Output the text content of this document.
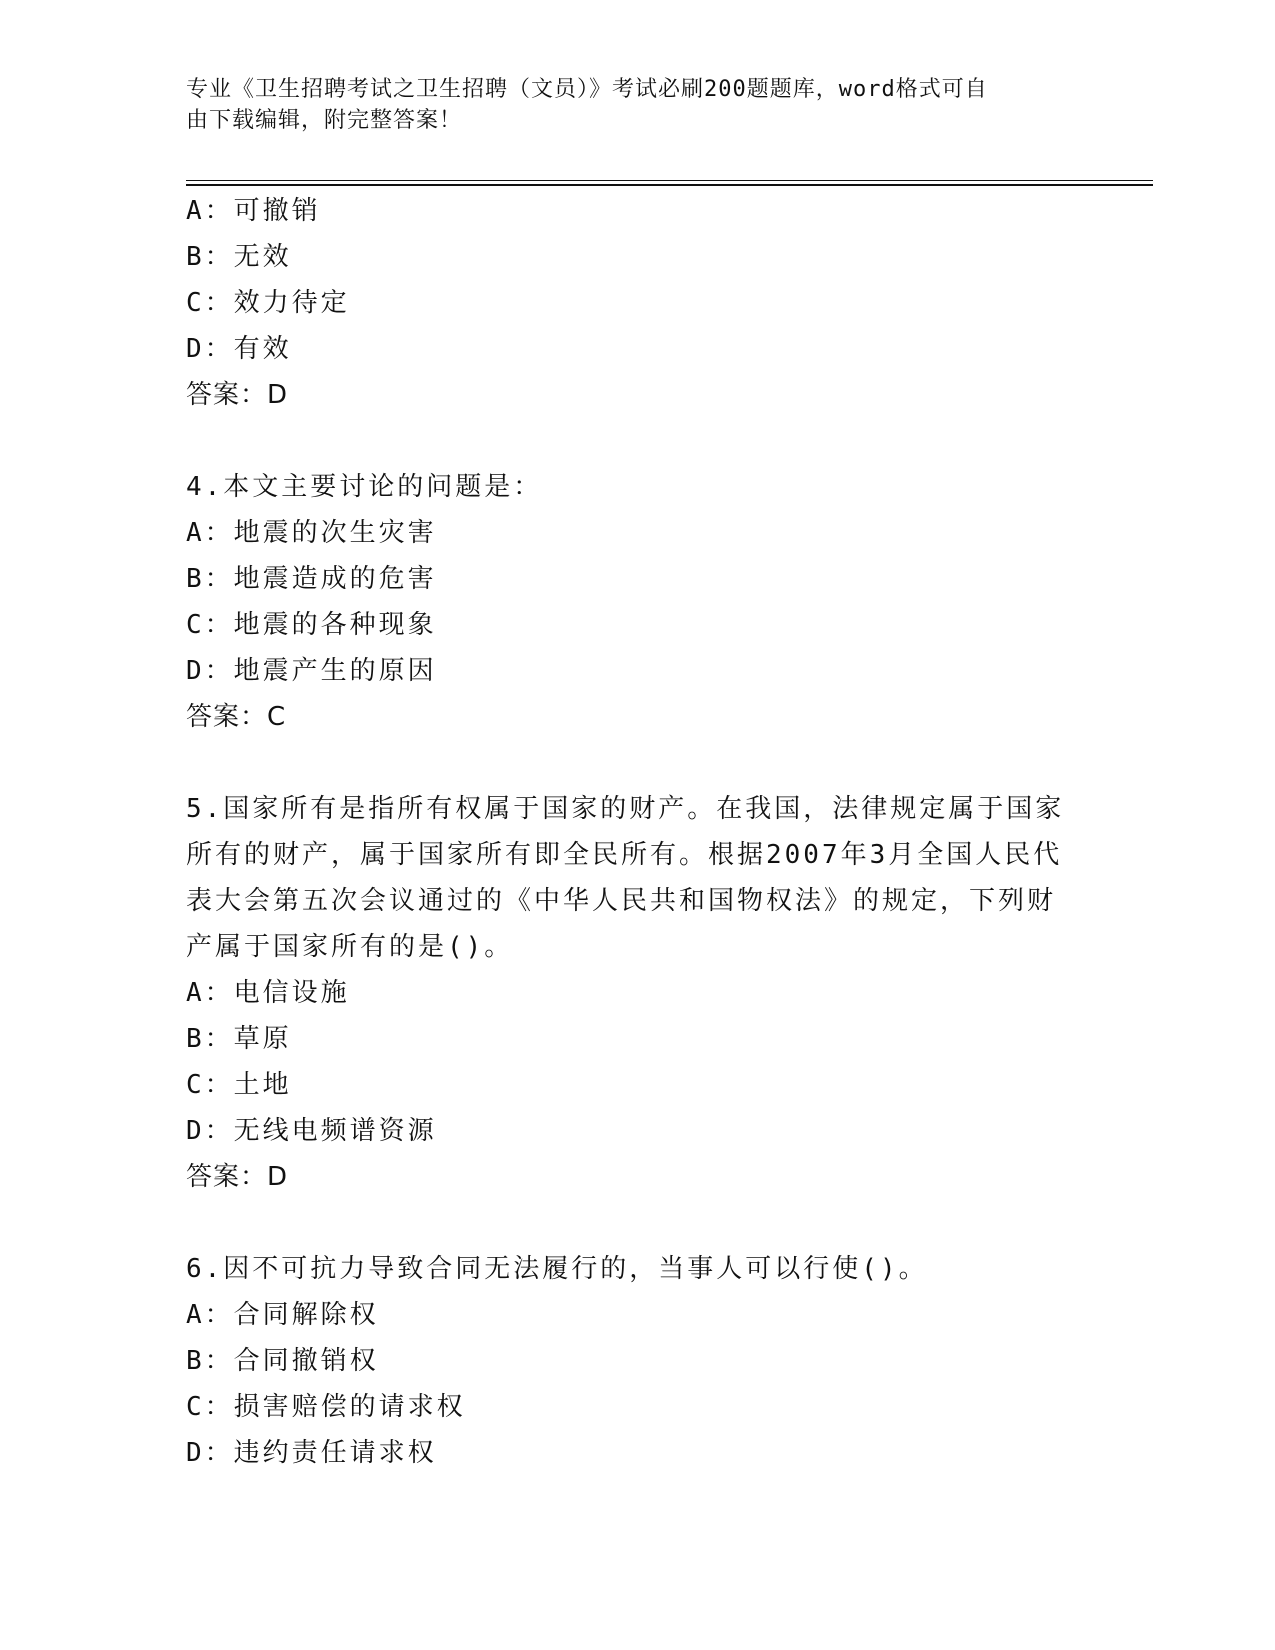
专业《卫生招聘考试之卫生招聘（文员）》考试必刷200题题库，word格式可自
由下载编辑，附完整答案！
A：可撤销
B：无效
C：效力待定
D：有效
答案：D
4.本文主要讨论的问题是：
A：地震的次生灾害
B：地震造成的危害
C：地震的各种现象
D：地震产生的原因
答案：C
5.国家所有是指所有权属于国家的财产。在我国，法律规定属于国家
所有的财产，属于国家所有即全民所有。根据2007年3月全国人民代
表大会第五次会议通过的《中华人民共和国物权法》的规定，下列财
产属于国家所有的是()。
A：电信设施
B：草原
C：土地
D：无线电频谱资源
答案：D
6.因不可抗力导致合同无法履行的，当事人可以行使()。
A：合同解除权
B：合同撤销权
C：损害赔偿的请求权
D：违约责任请求权
